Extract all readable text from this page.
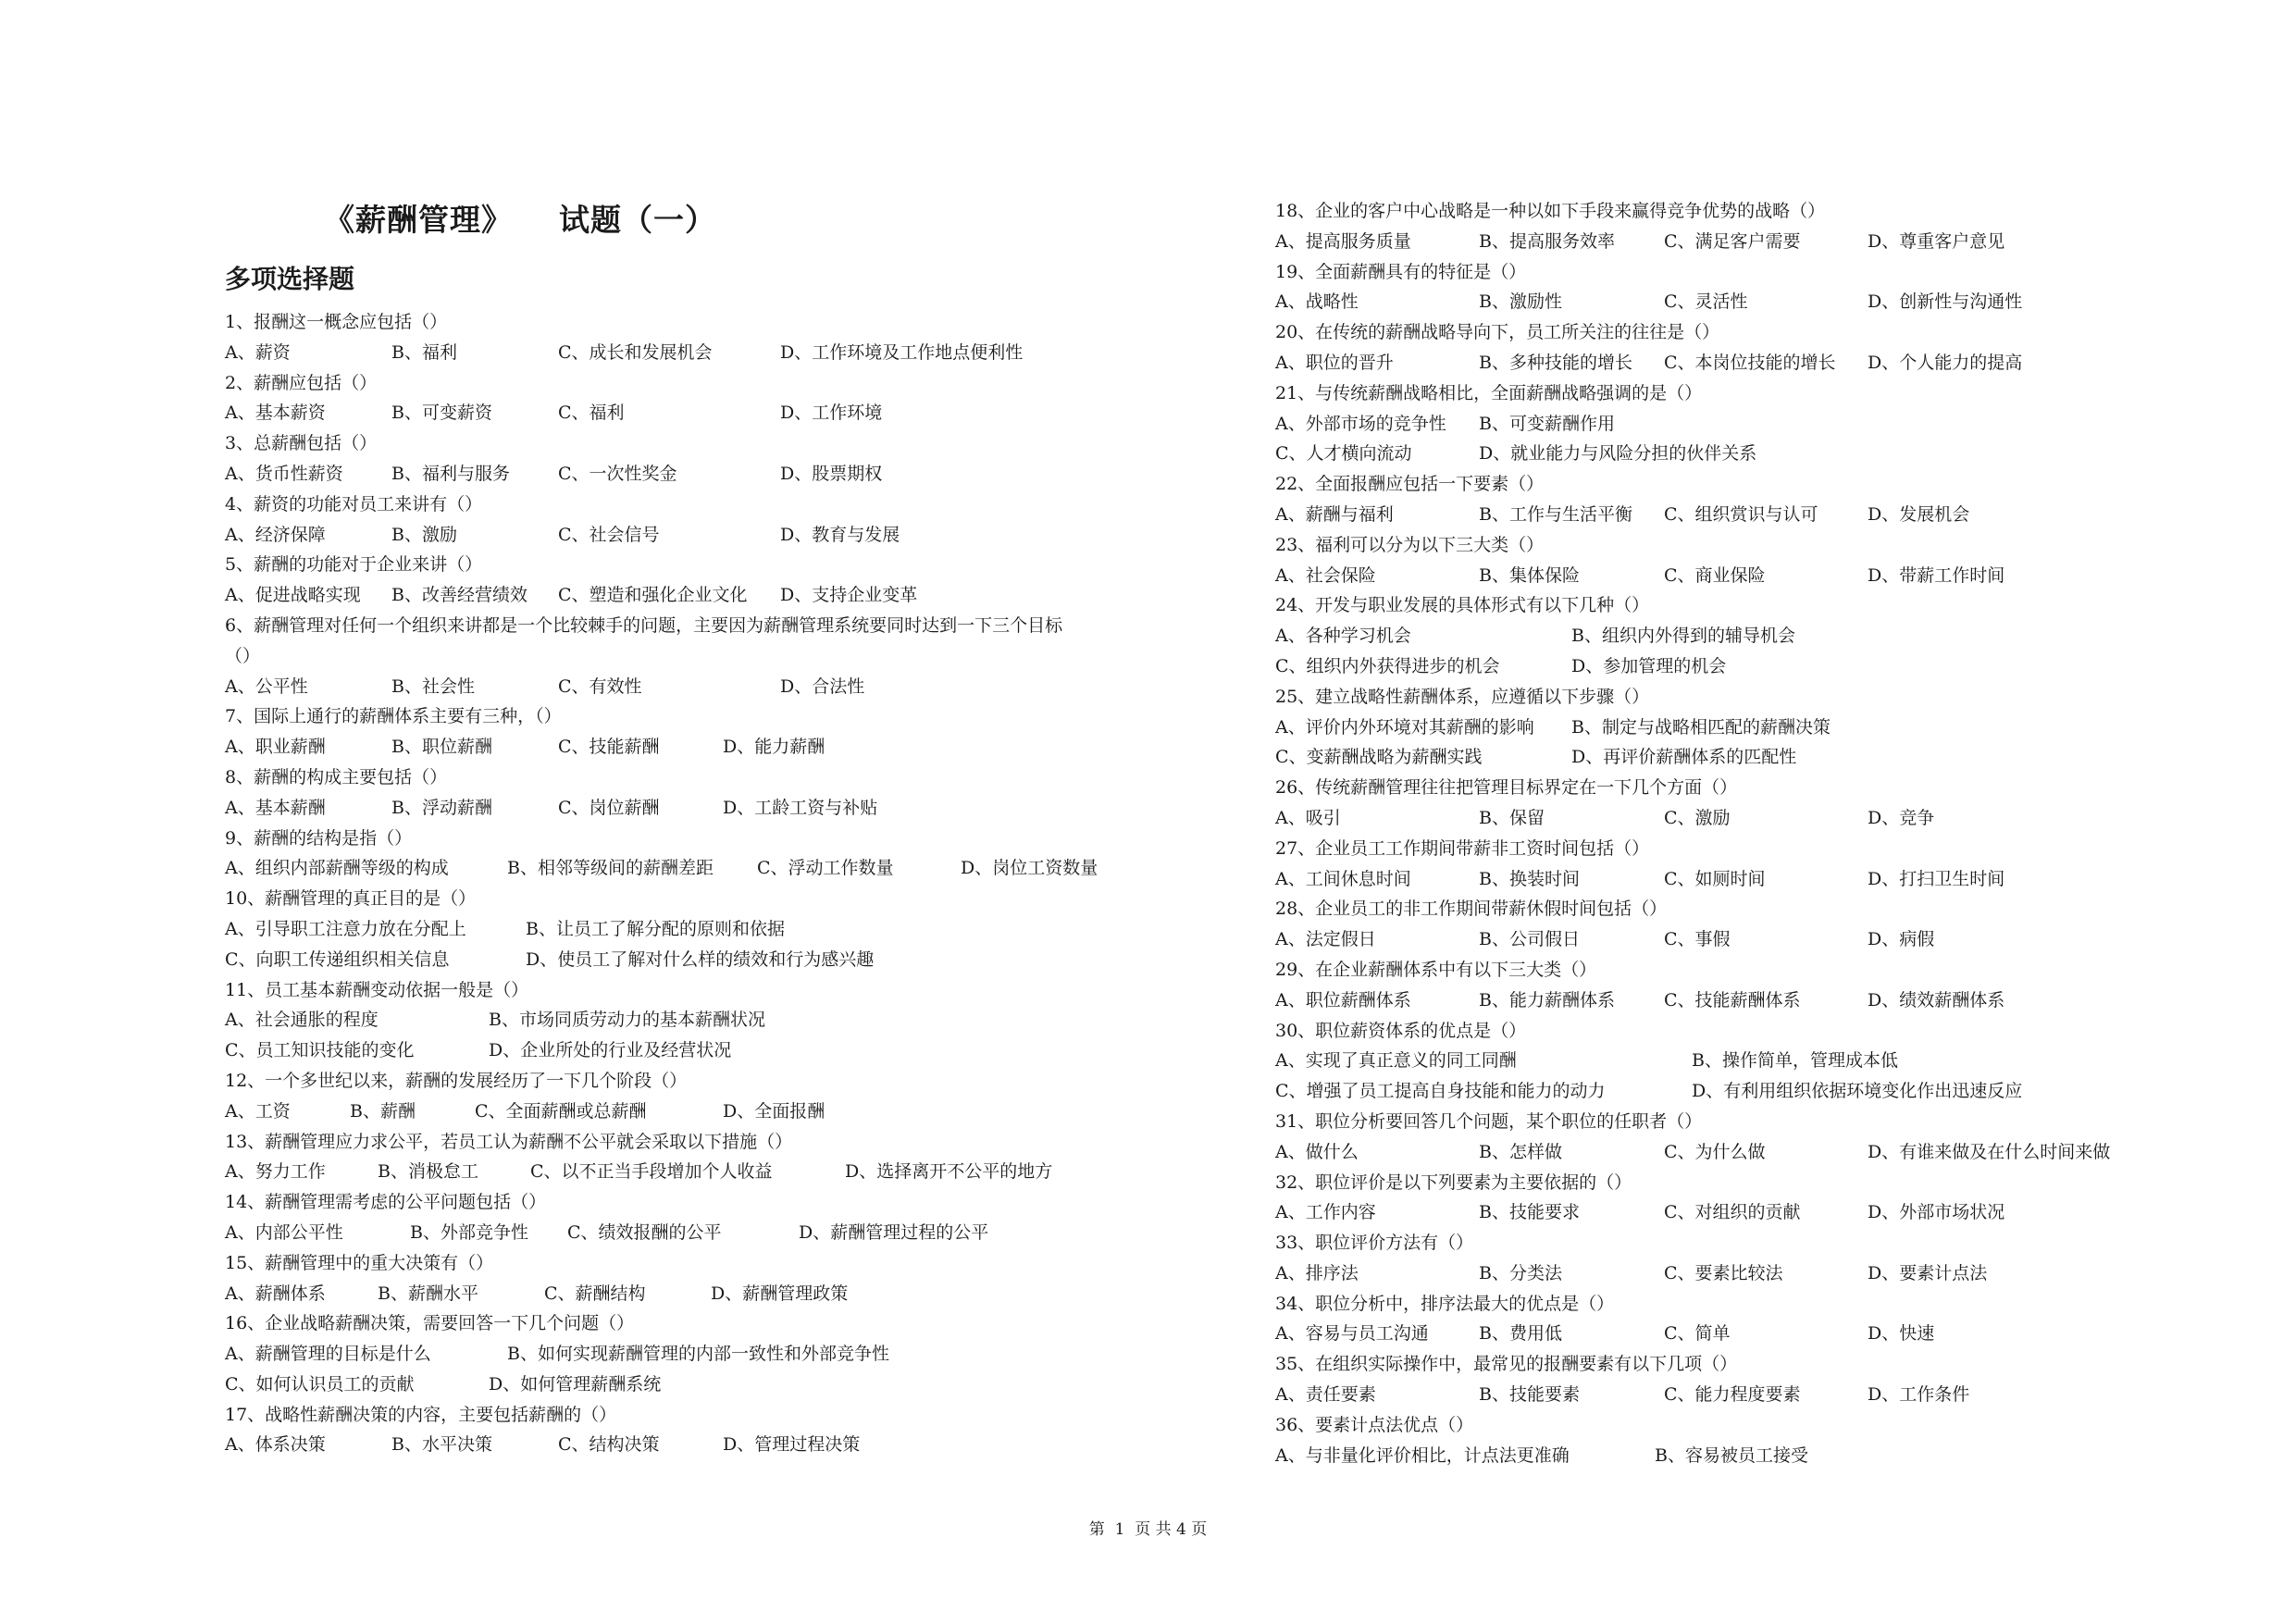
《薪酬管理》    试题（一）
多项选择题
1、报酬这一概念应包括（）
A、薪资	B、福利	C、成长和发展机会	D、工作环境及工作地点便利性
2、薪酬应包括（）
A、基本薪资	B、可变薪资	C、福利	D、工作环境
3、总薪酬包括（）
A、货币性薪资	B、福利与服务	C、一次性奖金	D、股票期权
4、薪资的功能对员工来讲有（）
A、经济保障	B、激励	C、社会信号	D、教育与发展
5、薪酬的功能对于企业来讲（）
A、促进战略实现 B、改善经营绩效 C、塑造和强化企业文化 D、支持企业变革
6、薪酬管理对任何一个组织来讲都是一个比较棘手的问题，主要因为薪酬管理系统要同时达到一下三个目标
（）
A、公平性	B、社会性	C、有效性	D、合法性
7、国际上通行的薪酬体系主要有三种，（）
A、职业薪酬	B、职位薪酬	C、技能薪酬	D、能力薪酬
8、薪酬的构成主要包括（）
A、基本薪酬	B、浮动薪酬	C、岗位薪酬	D、工龄工资与补贴
9、薪酬的结构是指（）
A、组织内部薪酬等级的构成	B、相邻等级间的薪酬差距 C、浮动工作数量	D、岗位工资数量
10、薪酬管理的真正目的是（）
A、引导职工注意力放在分配上	B、让员工了解分配的原则和依据
C、向职工传递组织相关信息	D、使员工了解对什么样的绩效和行为感兴趣
11、员工基本薪酬变动依据一般是（）
A、社会通胀的程度	B、市场同质劳动力的基本薪酬状况
C、员工知识技能的变化	D、企业所处的行业及经营状况
12、一个多世纪以来，薪酬的发展经历了一下几个阶段（）
A、工资	B、薪酬	C、全面薪酬或总薪酬	D、全面报酬
13、薪酬管理应力求公平，若员工认为薪酬不公平就会采取以下措施（）
A、努力工作	B、消极怠工	C、以不正当手段增加个人收益	D、选择离开不公平的地方
14、薪酬管理需考虑的公平问题包括（）
A、内部公平性	B、外部竞争性 C、绩效报酬的公平	D、薪酬管理过程的公平
15、薪酬管理中的重大决策有（）
A、薪酬体系	B、薪酬水平	C、薪酬结构	D、薪酬管理政策
16、企业战略薪酬决策，需要回答一下几个问题（）
A、薪酬管理的目标是什么	B、如何实现薪酬管理的内部一致性和外部竞争性
C、如何认识员工的贡献	D、如何管理薪酬系统
17、战略性薪酬决策的内容，主要包括薪酬的（）
A、体系决策	B、水平决策	C、结构决策	D、管理过程决策
18、企业的客户中心战略是一种以如下手段来赢得竞争优势的战略（）
A、提高服务质量	B、提高服务效率	C、满足客户需要	D、尊重客户意见
19、全面薪酬具有的特征是（）
A、战略性	B、激励性	C、灵活性	D、创新性与沟通性
20、在传统的薪酬战略导向下，员工所关注的往往是（）
A、职位的晋升	B、多种技能的增长 C、本岗位技能的增长 D、个人能力的提高
21、与传统薪酬战略相比，全面薪酬战略强调的是（）
A、外部市场的竞争性 B、可变薪酬作用
C、人才横向流动	D、就业能力与风险分担的伙伴关系
22、全面报酬应包括一下要素（）
A、薪酬与福利	B、工作与生活平衡 C、组织赏识与认可	D、发展机会
23、福利可以分为以下三大类（）
A、社会保险	B、集体保险	C、商业保险	D、带薪工作时间
24、开发与职业发展的具体形式有以下几种（）
A、各种学习机会	B、组织内外得到的辅导机会
C、组织内外获得进步的机会	D、参加管理的机会
25、建立战略性薪酬体系，应遵循以下步骤（）
A、评价内外环境对其薪酬的影响 B、制定与战略相匹配的薪酬决策
C、变薪酬战略为薪酬实践	D、再评价薪酬体系的匹配性
26、传统薪酬管理往往把管理目标界定在一下几个方面（）
A、吸引	B、保留	C、激励	D、竞争
27、企业员工工作期间带薪非工资时间包括（）
A、工间休息时间	B、换装时间	C、如厕时间	D、打扫卫生时间
28、企业员工的非工作期间带薪休假时间包括（）
A、法定假日	B、公司假日	C、事假	D、病假
29、在企业薪酬体系中有以下三大类（）
A、职位薪酬体系	B、能力薪酬体系	C、技能薪酬体系	D、绩效薪酬体系
30、职位薪资体系的优点是（）
A、实现了真正意义的同工同酬	B、操作简单，管理成本低
C、增强了员工提高自身技能和能力的动力	D、有利用组织依据环境变化作出迅速反应
31、职位分析要回答几个问题，某个职位的任职者（）
A、做什么	B、怎样做	C、为什么做	D、有谁来做及在什么时间来做
32、职位评价是以下列要素为主要依据的（）
A、工作内容	B、技能要求	C、对组织的贡献	D、外部市场状况
33、职位评价方法有（）
A、排序法	B、分类法	C、要素比较法	D、要素计点法
34、职位分析中，排序法最大的优点是（）
A、容易与员工沟通	B、费用低	C、简单	D、快速
35、在组织实际操作中，最常见的报酬要素有以下几项（）
A、责任要素	B、技能要素	C、能力程度要素	D、工作条件
36、要素计点法优点（）
A、与非量化评价相比，计点法更准确	B、容易被员工接受
第  1  页 共 4 页
